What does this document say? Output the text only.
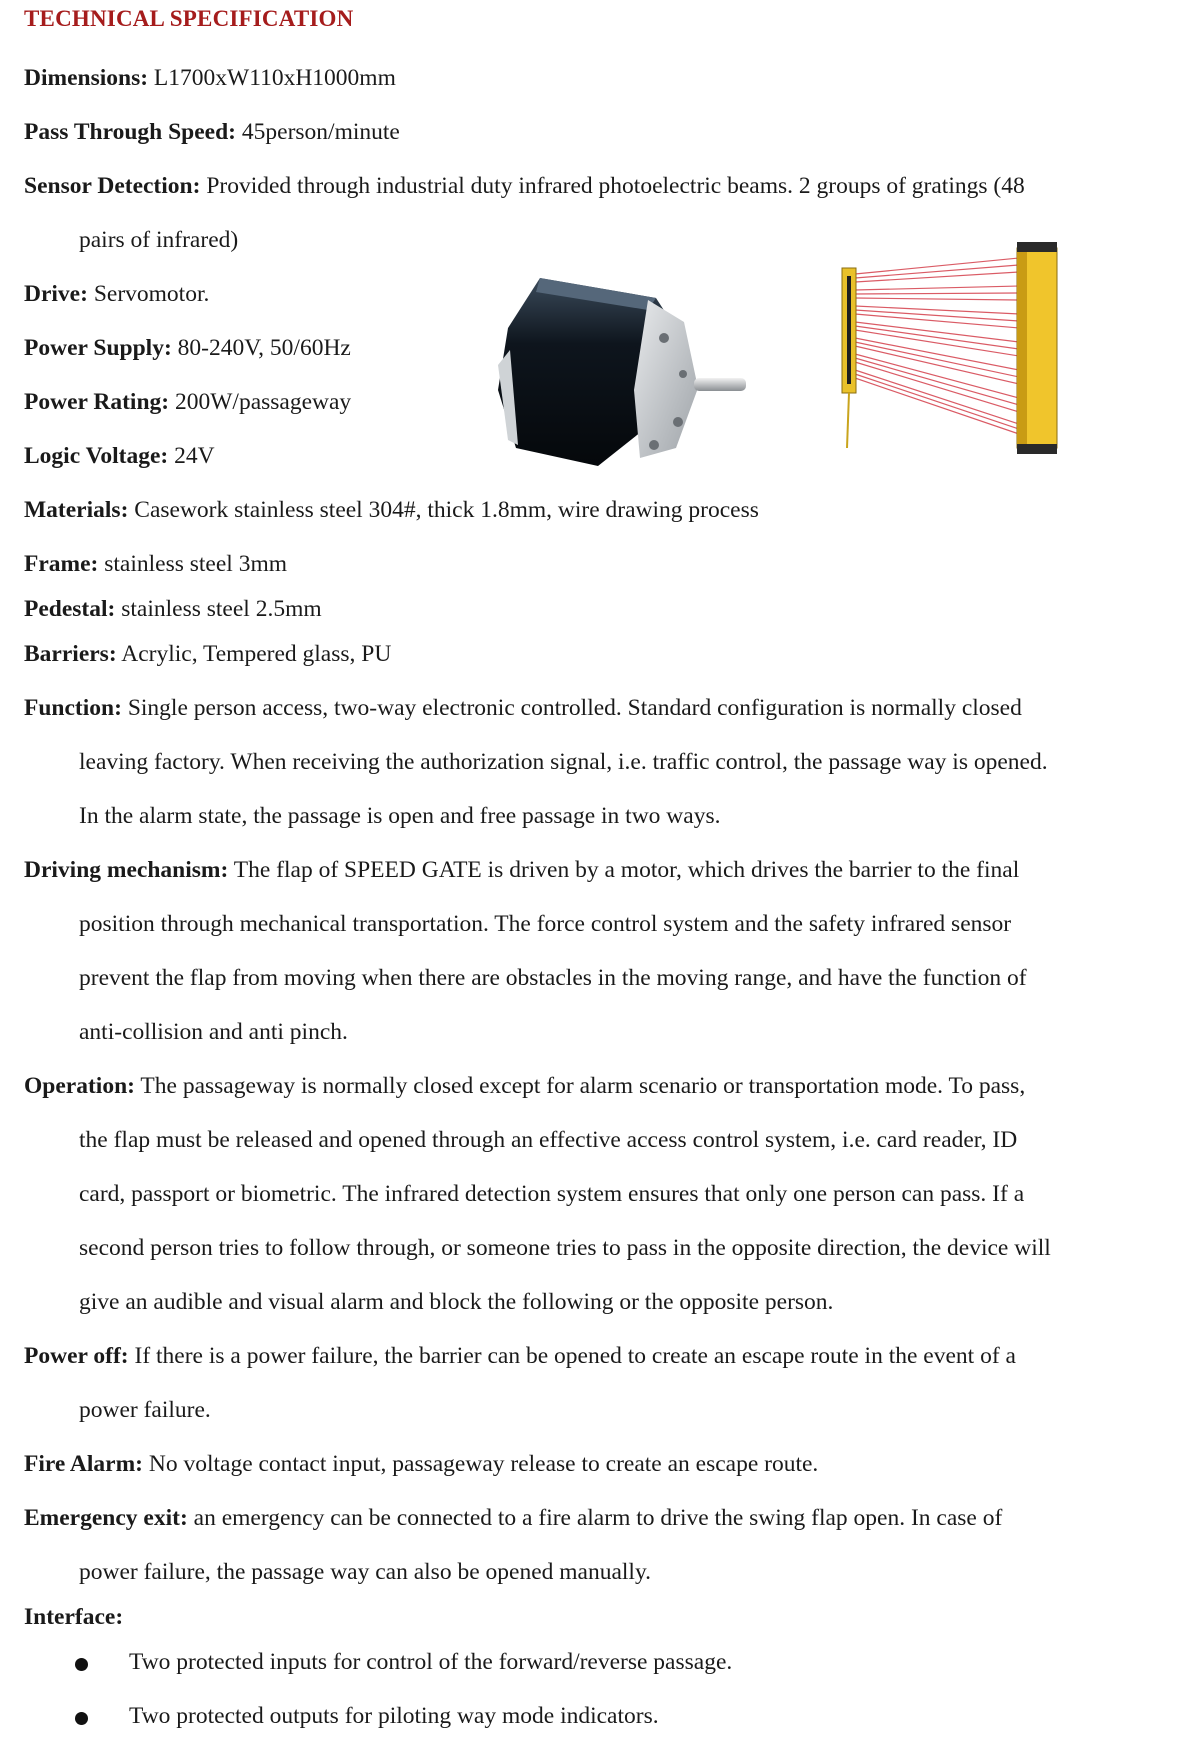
TECHNICAL SPECIFICATION
Dimensions: L1700xW110xH1000mm
Pass Through Speed: 45person/minute
Sensor Detection: Provided through industrial duty infrared photoelectric beams. 2 groups of gratings (48
pairs of infrared)
Drive: Servomotor.
Power Supply: 80-240V, 50/60Hz
Power Rating: 200W/passageway
Logic Voltage: 24V
Materials: Casework stainless steel 304#, thick 1.8mm, wire drawing process
Frame: stainless steel 3mm
Pedestal: stainless steel 2.5mm
Barriers: Acrylic, Tempered glass, PU
Function: Single person access, two-way electronic controlled. Standard configuration is normally closed
leaving factory. When receiving the authorization signal, i.e. traffic control, the passage way is opened.
In the alarm state, the passage is open and free passage in two ways.
Driving mechanism: The flap of SPEED GATE is driven by a motor, which drives the barrier to the final
position through mechanical transportation. The force control system and the safety infrared sensor
prevent the flap from moving when there are obstacles in the moving range, and have the function of
anti-collision and anti pinch.
Operation: The passageway is normally closed except for alarm scenario or transportation mode. To pass,
the flap must be released and opened through an effective access control system, i.e. card reader, ID
card, passport or biometric. The infrared detection system ensures that only one person can pass. If a
second person tries to follow through, or someone tries to pass in the opposite direction, the device will
give an audible and visual alarm and block the following or the opposite person.
Power off: If there is a power failure, the barrier can be opened to create an escape route in the event of a
power failure.
Fire Alarm: No voltage contact input, passageway release to create an escape route.
Emergency exit: an emergency can be connected to a fire alarm to drive the swing flap open. In case of
power failure, the passage way can also be opened manually.
Interface:
Two protected inputs for control of the forward/reverse passage.
Two protected outputs for piloting way mode indicators.
